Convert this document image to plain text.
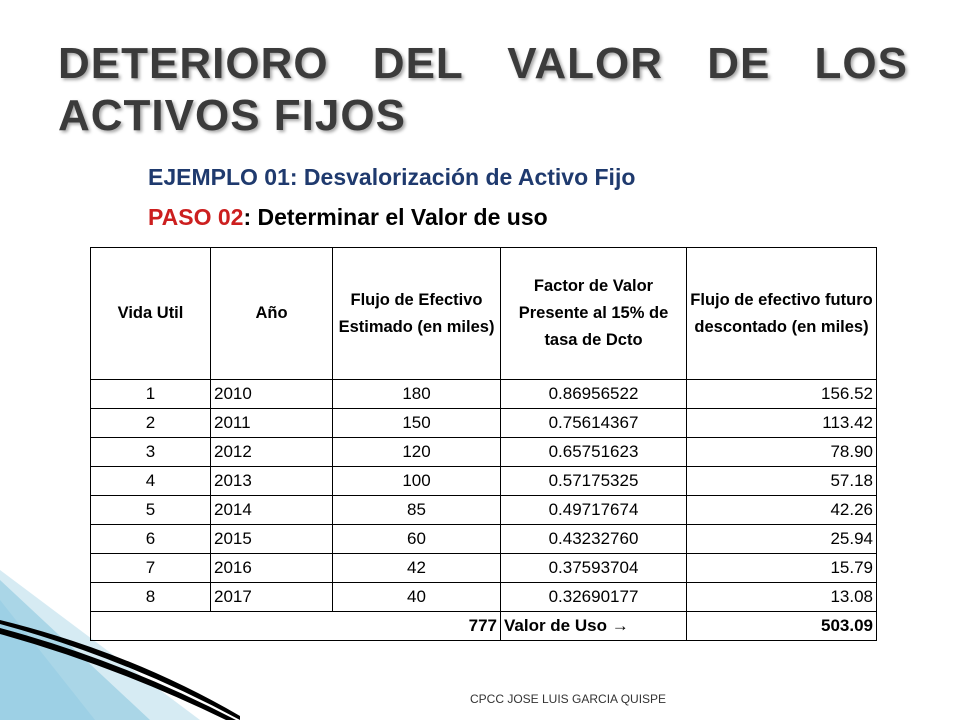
DETERIORO DEL VALOR DE LOS ACTIVOS FIJOS
EJEMPLO 01: Desvalorización de Activo Fijo
PASO 02: Determinar el Valor de uso
Vida Util	Año	Flujo de Efectivo Estimado (en miles)	Factor de Valor Presente al 15% de tasa de Dcto	Flujo de efectivo futuro descontado (en miles)
1	2010	180	0.86956522	156.52
2	2011	150	0.75614367	113.42
3	2012	120	0.65751623	78.90
4	2013	100	0.57175325	57.18
5	2014	85	0.49717674	42.26
6	2015	60	0.43232760	25.94
7	2016	42	0.37593704	15.79
8	2017	40	0.32690177	13.08
777			Valor de Uso →	503.09
CPCC JOSE LUIS GARCIA QUISPE
